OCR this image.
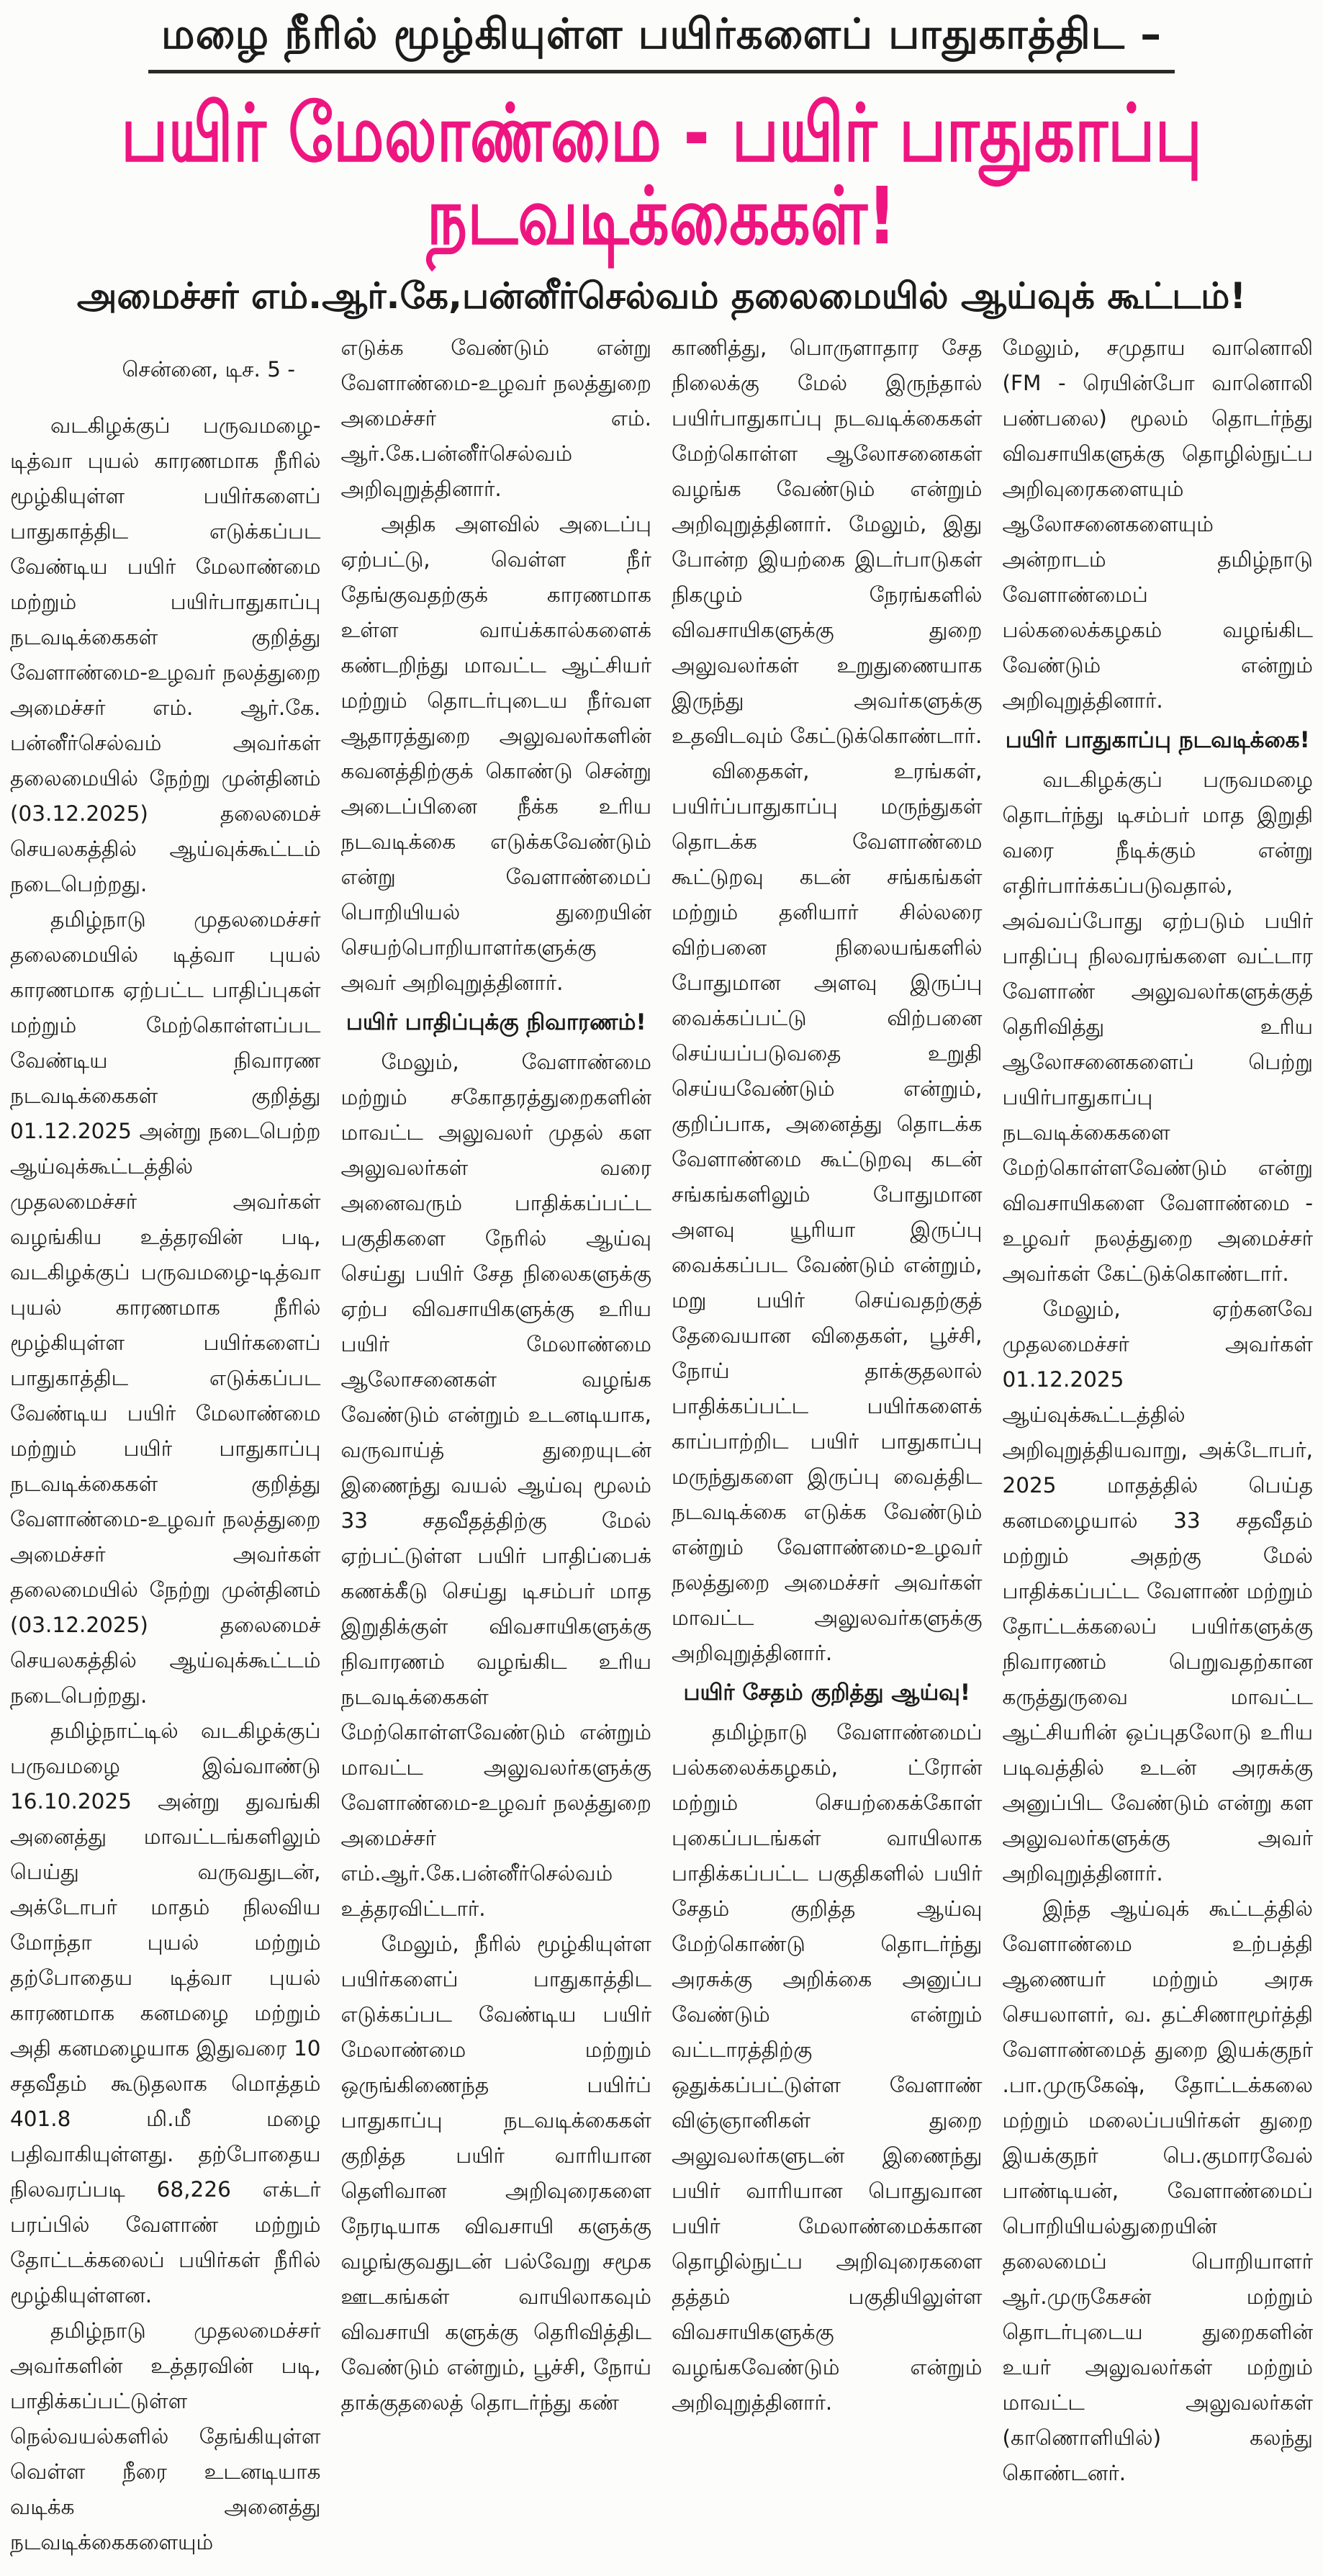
மழை நீரில் மூழ்கியுள்ள பயிர்களைப் பாதுகாத்திட –
பயிர் மேலாண்மை - பயிர் பாதுகாப்பு நடவடிக்கைகள்!
அமைச்சர் எம்.ஆர்.கே,பன்னீர்செல்வம் தலைமையில் ஆய்வுக் கூட்டம்!

சென்னை, டிச. 5 -

வடகிழக்குப் பருவமழை-டித்வா புயல் காரணமாக நீரில் மூழ்கியுள்ள பயிர்களைப் பாதுகாத்திட எடுக்கப்பட வேண்டிய பயிர் மேலாண்மை மற்றும் பயிர்பாதுகாப்பு நடவடிக்கைகள் குறித்து வேளாண்மை-உழவர் நலத்துறை அமைச்சர் எம். ஆர்.கே. பன்னீர்செல்வம் அவர்கள் தலைமையில் நேற்று முன்தினம் (03.12.2025) தலைமைச் செயலகத்தில் ஆய்வுக்கூட்டம் நடைபெற்றது.

தமிழ்நாடு முதலமைச்சர் தலைமையில் டித்வா புயல் காரணமாக ஏற்பட்ட பாதிப்புகள் மற்றும் மேற்கொள்ளப்பட வேண்டிய நிவாரண நடவடிக்கைகள் குறித்து 01.12.2025 அன்று நடைபெற்ற ஆய்வுக்கூட்டத்தில் முதலமைச்சர் அவர்கள் வழங்கிய உத்தரவின் படி, வடகிழக்குப் பருவமழை-டித்வா புயல் காரணமாக நீரில் மூழ்கியுள்ள பயிர்களைப் பாதுகாத்திட எடுக்கப்பட வேண்டிய பயிர் மேலாண்மை மற்றும் பயிர் பாதுகாப்பு நடவடிக்கைகள் குறித்து வேளாண்மை-உழவர் நலத்துறை அமைச்சர் அவர்கள் தலைமையில் நேற்று முன்தினம் (03.12.2025) தலைமைச் செயலகத்தில் ஆய்வுக்கூட்டம் நடைபெற்றது.

தமிழ்நாட்டில் வடகிழக்குப் பருவமழை இவ்வாண்டு 16.10.2025 அன்று துவங்கி அனைத்து மாவட்டங்களிலும் பெய்து வருவதுடன், அக்டோபர் மாதம் நிலவிய மோந்தா புயல் மற்றும் தற்போதைய டித்வா புயல் காரணமாக கனமழை மற்றும் அதி கனமழையாக இதுவரை 10 சதவீதம் கூடுதலாக மொத்தம் 401.8 மி.மீ மழை பதிவாகியுள்ளது. தற்போதைய நிலவரப்படி 68,226 எக்டர் பரப்பில் வேளாண் மற்றும் தோட்டக்கலைப் பயிர்கள் நீரில் மூழ்கியுள்ளன.

தமிழ்நாடு முதலமைச்சர் அவர்களின் உத்தரவின் படி, பாதிக்கப்பட்டுள்ள நெல்வயல்களில் தேங்கியுள்ள வெள்ள நீரை உடனடியாக வடிக்க அனைத்து நடவடிக்கைகளையும்

எடுக்க வேண்டும் என்று வேளாண்மை-உழவர் நலத்துறை அமைச்சர் எம். ஆர்.கே.பன்னீர்செல்வம் அறிவுறுத்தினார்.

அதிக அளவில் அடைப்பு ஏற்பட்டு, வெள்ள நீர் தேங்குவதற்குக் காரணமாக உள்ள வாய்க்கால்களைக் கண்டறிந்து மாவட்ட ஆட்சியர் மற்றும் தொடர்புடைய நீர்வள ஆதாரத்துறை அலுவலர்களின் கவனத்திற்குக் கொண்டு சென்று அடைப்பினை நீக்க உரிய நடவடிக்கை எடுக்கவேண்டும் என்று வேளாண்மைப் பொறியியல் துறையின் செயற்பொறியாளர்களுக்கு அவர் அறிவுறுத்தினார்.

பயிர் பாதிப்புக்கு நிவாரணம்!

மேலும், வேளாண்மை மற்றும் சகோதரத்துறைகளின் மாவட்ட அலுவலர் முதல் கள அலுவலர்கள் வரை அனைவரும் பாதிக்கப்பட்ட பகுதிகளை நேரில் ஆய்வு செய்து பயிர் சேத நிலைகளுக்கு ஏற்ப விவசாயிகளுக்கு உரிய பயிர் மேலாண்மை ஆலோசனைகள் வழங்க வேண்டும் என்றும் உடனடியாக, வருவாய்த் துறையுடன் இணைந்து வயல் ஆய்வு மூலம் 33 சதவீதத்திற்கு மேல் ஏற்பட்டுள்ள பயிர் பாதிப்பைக் கணக்கீடு செய்து டிசம்பர் மாத இறுதிக்குள் விவசாயிகளுக்கு நிவாரணம் வழங்கிட உரிய நடவடிக்கைகள் மேற்கொள்ளவேண்டும் என்றும் மாவட்ட அலுவலர்களுக்கு வேளாண்மை-உழவர் நலத்துறை அமைச்சர் எம்.ஆர்.கே.பன்னீர்செல்வம் உத்தரவிட்டார்.

மேலும், நீரில் மூழ்கியுள்ள பயிர்களைப் பாதுகாத்திட எடுக்கப்பட வேண்டிய பயிர் மேலாண்மை மற்றும் ஒருங்கிணைந்த பயிர்ப் பாதுகாப்பு நடவடிக்கைகள் குறித்த பயிர் வாரியான தெளிவான அறிவுரைகளை நேரடியாக விவசாயி களுக்கு வழங்குவதுடன் பல்வேறு சமூக ஊடகங்கள் வாயிலாகவும் விவசாயி களுக்கு தெரிவித்திட வேண்டும் என்றும், பூச்சி, நோய் தாக்குதலைத் தொடர்ந்து கண்

காணித்து, பொருளாதார சேத நிலைக்கு மேல் இருந்தால் பயிர்பாதுகாப்பு நடவடிக்கைகள் மேற்கொள்ள ஆலோசனைகள் வழங்க வேண்டும் என்றும் அறிவுறுத்தினார். மேலும், இது போன்ற இயற்கை இடர்பாடுகள் நிகழும் நேரங்களில் விவசாயிகளுக்கு துறை அலுவலர்கள் உறுதுணையாக இருந்து அவர்களுக்கு உதவிடவும் கேட்டுக்கொண்டார்.

விதைகள், உரங்கள், பயிர்ப்பாதுகாப்பு மருந்துகள் தொடக்க வேளாண்மை கூட்டுறவு கடன் சங்கங்கள் மற்றும் தனியார் சில்லரை விற்பனை நிலையங்களில் போதுமான அளவு இருப்பு வைக்கப்பட்டு விற்பனை செய்யப்படுவதை உறுதி செய்யவேண்டும் என்றும், குறிப்பாக, அனைத்து தொடக்க வேளாண்மை கூட்டுறவு கடன் சங்கங்களிலும் போதுமான அளவு யூரியா இருப்பு வைக்கப்பட வேண்டும் என்றும், மறு பயிர் செய்வதற்குத் தேவையான விதைகள், பூச்சி, நோய் தாக்குதலால் பாதிக்கப்பட்ட பயிர்களைக் காப்பாற்றிட பயிர் பாதுகாப்பு மருந்துகளை இருப்பு வைத்திட நடவடிக்கை எடுக்க வேண்டும் என்றும் வேளாண்மை-உழவர் நலத்துறை அமைச்சர் அவர்கள் மாவட்ட அலுலவர்களுக்கு அறிவுறுத்தினார்.

பயிர் சேதம் குறித்து ஆய்வு!

தமிழ்நாடு வேளாண்மைப் பல்கலைக்கழகம், ட்ரோன் மற்றும் செயற்கைக்கோள் புகைப்படங்கள் வாயிலாக பாதிக்கப்பட்ட பகுதிகளில் பயிர் சேதம் குறித்த ஆய்வு மேற்கொண்டு தொடர்ந்து அரசுக்கு அறிக்கை அனுப்ப வேண்டும் என்றும் வட்டாரத்திற்கு ஒதுக்கப்பட்டுள்ள வேளாண் விஞ்ஞானிகள் துறை அலுவலர்களுடன் இணைந்து பயிர் வாரியான பொதுவான பயிர் மேலாண்மைக்கான தொழில்நுட்ப அறிவுரைகளை தத்தம் பகுதியிலுள்ள விவசாயிகளுக்கு வழங்கவேண்டும் என்றும் அறிவுறுத்தினார்.

மேலும், சமுதாய வானொலி (FM - ரெயின்போ வானொலி பண்பலை) மூலம் தொடர்ந்து விவசாயிகளுக்கு தொழில்நுட்ப அறிவுரைகளையும் ஆலோசனைகளையும் அன்றாடம் தமிழ்நாடு வேளாண்மைப் பல்கலைக்கழகம் வழங்கிட வேண்டும் என்றும் அறிவுறுத்தினார்.

பயிர் பாதுகாப்பு நடவடிக்கை!

வடகிழக்குப் பருவமழை தொடர்ந்து டிசம்பர் மாத இறுதி வரை நீடிக்கும் என்று எதிர்பார்க்கப்படுவதால், அவ்வப்போது ஏற்படும் பயிர் பாதிப்பு நிலவரங்களை வட்டார வேளாண் அலுவலர்களுக்குத் தெரிவித்து உரிய ஆலோசனைகளைப் பெற்று பயிர்பாதுகாப்பு நடவடிக்கைகளை மேற்கொள்ளவேண்டும் என்று விவசாயிகளை வேளாண்மை - உழவர் நலத்துறை அமைச்சர் அவர்கள் கேட்டுக்கொண்டார்.

மேலும், ஏற்கனவே முதலமைச்சர் அவர்கள் 01.12.2025 ஆய்வுக்கூட்டத்தில் அறிவுறுத்தியவாறு, அக்டோபர், 2025 மாதத்தில் பெய்த கனமழையால் 33 சதவீதம் மற்றும் அதற்கு மேல் பாதிக்கப்பட்ட வேளாண் மற்றும் தோட்டக்கலைப் பயிர்களுக்கு நிவாரணம் பெறுவதற்கான கருத்துருவை மாவட்ட ஆட்சியரின் ஒப்புதலோடு உரிய படிவத்தில் உடன் அரசுக்கு அனுப்பிட வேண்டும் என்று கள அலுவலர்களுக்கு அவர் அறிவுறுத்தினார்.

இந்த ஆய்வுக் கூட்டத்தில் வேளாண்மை உற்பத்தி ஆணையர் மற்றும் அரசு செயலாளர், வ. தட்சிணாமூர்த்தி வேளாண்மைத் துறை இயக்குநர் .பா.முருகேஷ், தோட்டக்கலை மற்றும் மலைப்பயிர்கள் துறை இயக்குநர் பெ.குமாரவேல் பாண்டியன், வேளாண்மைப் பொறியியல்துறையின் தலைமைப் பொறியாளர் ஆர்.முருகேசன் மற்றும் தொடர்புடைய துறைகளின் உயர் அலுவலர்கள் மற்றும் மாவட்ட அலுவலர்கள் (காணொளியில்) கலந்து கொண்டனர்.
